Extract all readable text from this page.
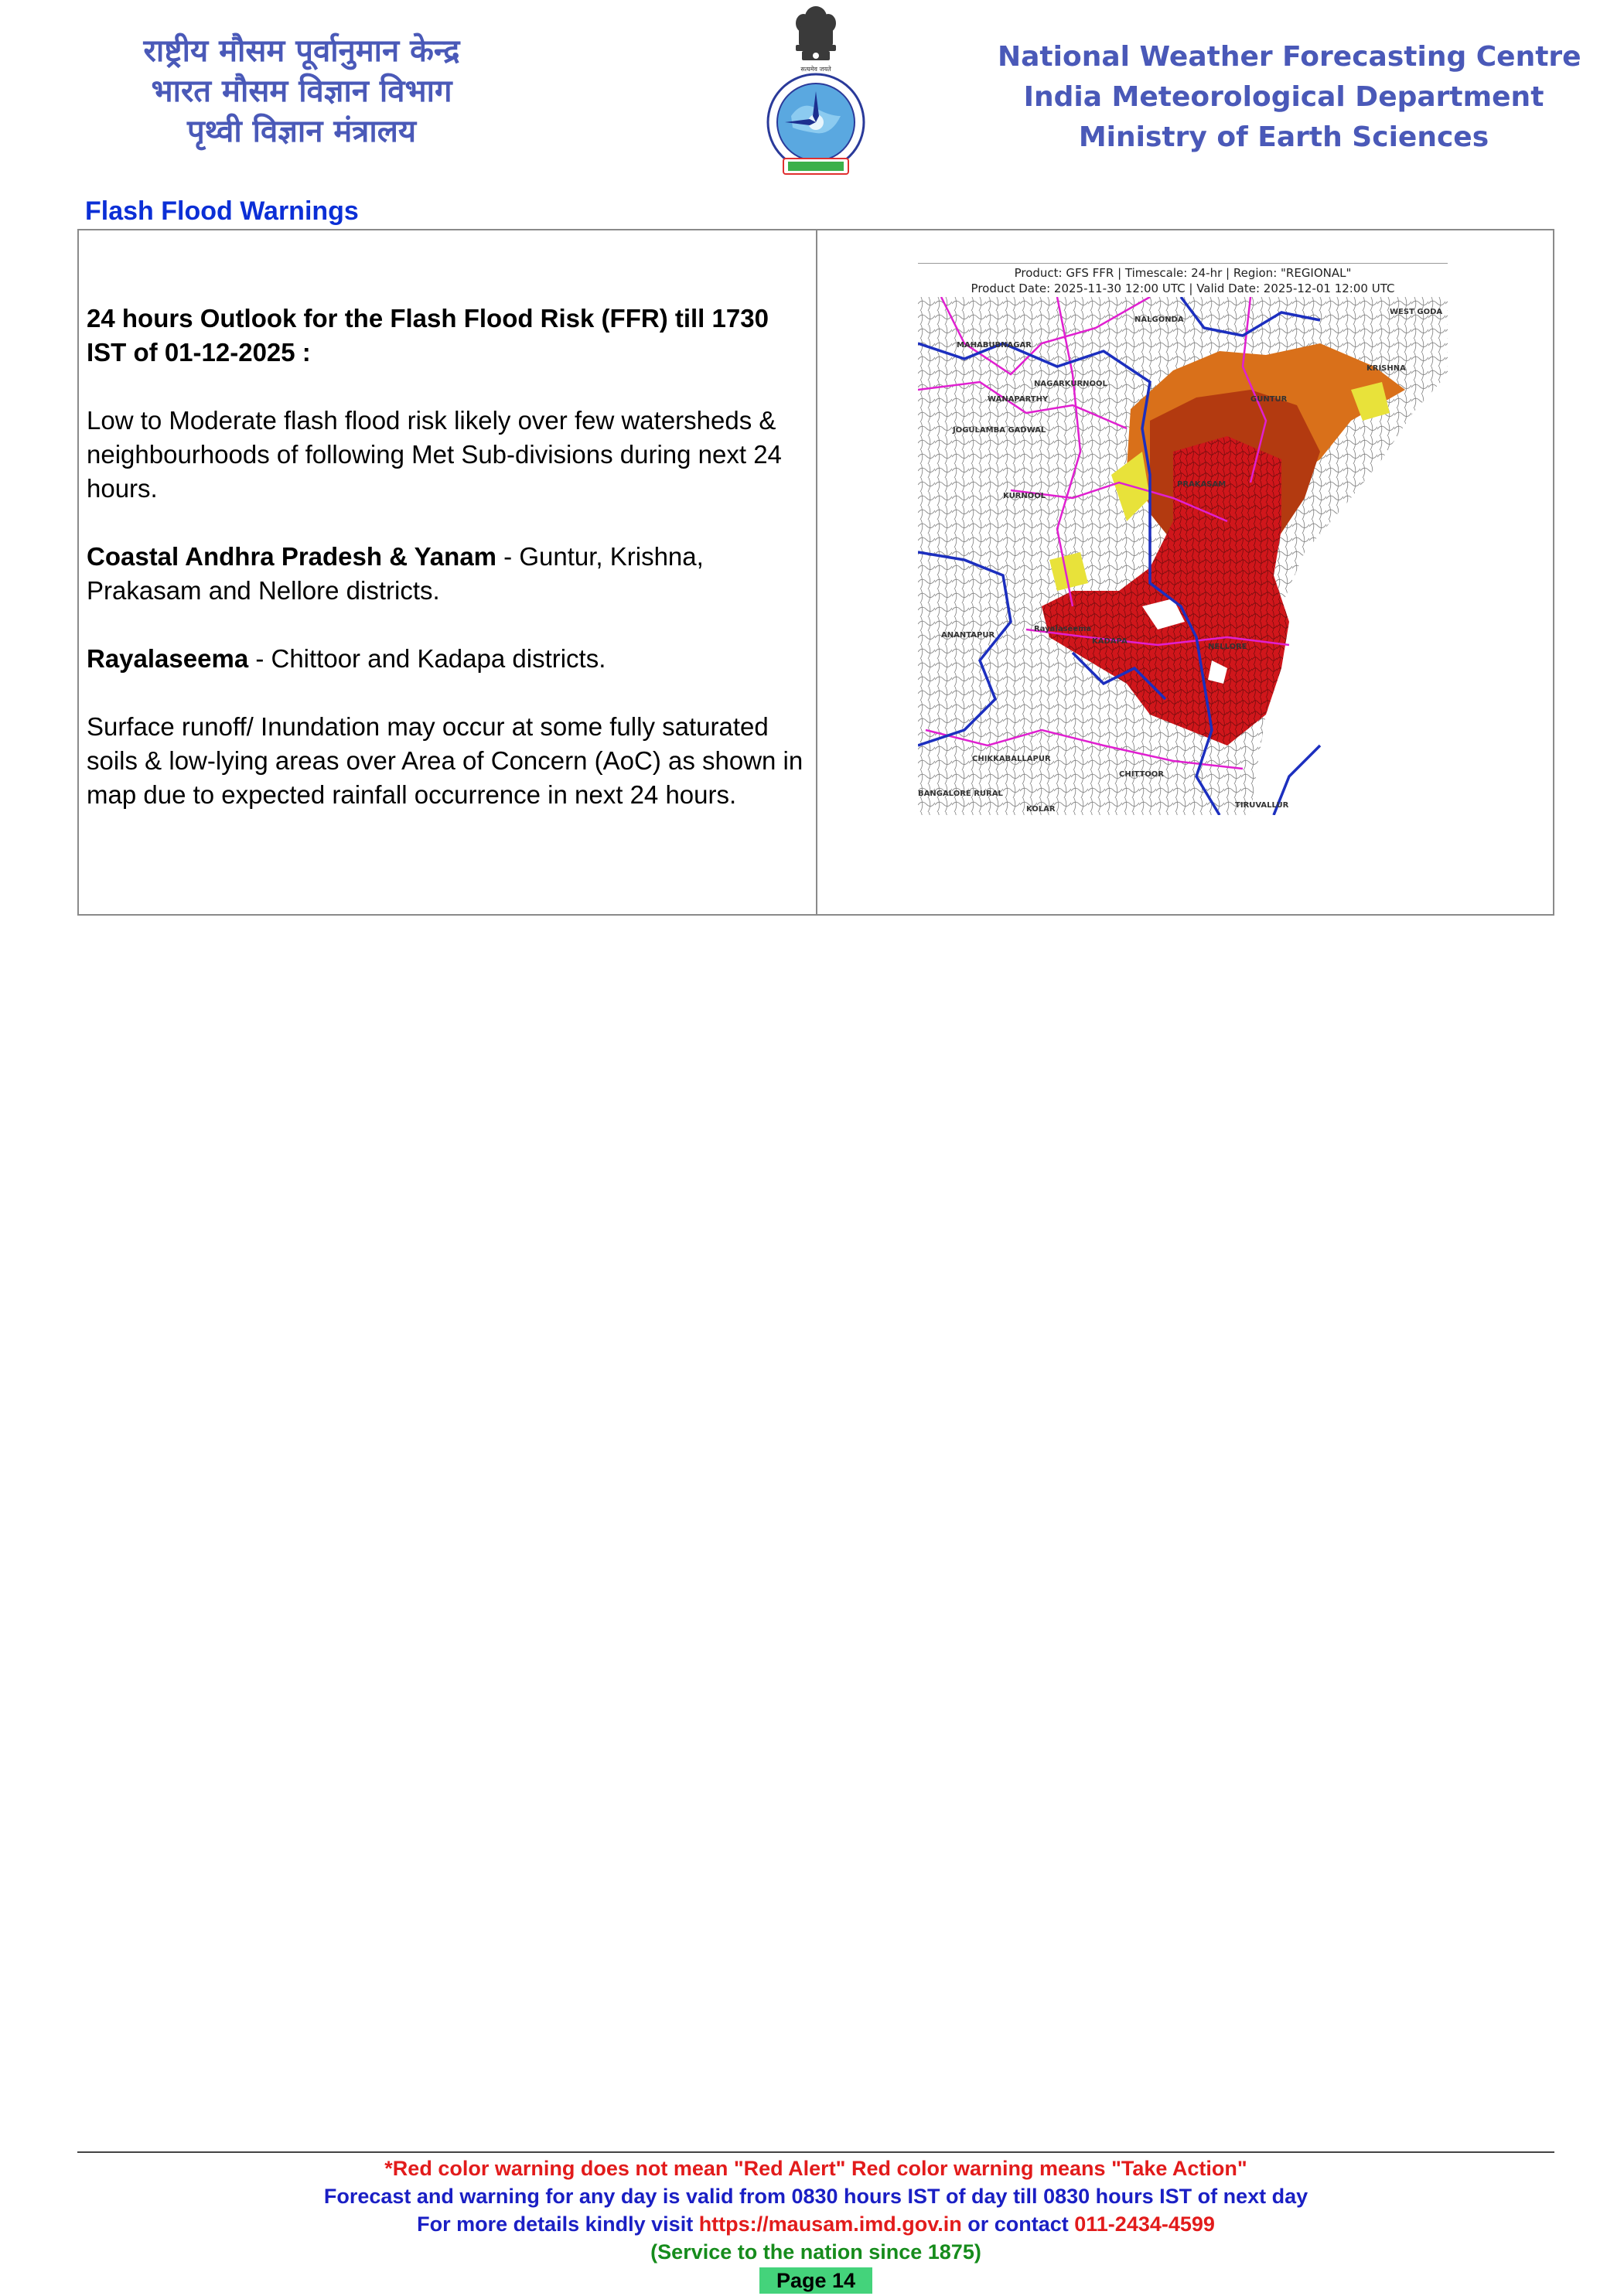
राष्ट्रीय मौसम पूर्वानुमान केन्द्र
भारत मौसम विज्ञान विभाग
पृथ्वी विज्ञान मंत्रालय
सत्यमेव जयते	National Weather Forecasting Centre
India Meteorological Department
Ministry of Earth Sciences
Flash Flood Warnings

24 hours Outlook for the Flash Flood Risk (FFR) till 1730 IST of 01-12-2025 :

Low to Moderate flash flood risk likely over few watersheds & neighbourhoods of following Met Sub-divisions during next 24 hours.

Coastal Andhra Pradesh & Yanam - Guntur, Krishna, Prakasam and Nellore districts.

Rayalaseema - Chittoor and Kadapa districts.

Surface runoff/ Inundation may occur at some fully saturated soils & low-lying areas over Area of Concern (AoC) as shown in map due to expected rainfall occurrence in next 24 hours.

Product: GFS FFR | Timescale: 24-hr | Region: "REGIONAL"
Product Date: 2025-11-30 12:00 UTC | Valid Date: 2025-12-01 12:00 UTC
MAHABUBNAGAR
NALGONDA
WEST GODA
NAGARKURNOOL
WANAPARTHY	GUNTUR
KRISHNA
JOGULAMBA GADWAL
PRAKASAM
KURNOOL
ANANTAPUR
Rayalaseema
KADAPA
NELLORE
CHIKKABALLAPUR
CHITTOOR
BANGALORE RURAL
KOLAR	TIRUVALLUR
*Red color warning does not mean "Red Alert" Red color warning means "Take Action"
Forecast and warning for any day is valid from 0830 hours IST of day till 0830 hours IST of next day
For more details kindly visit https://mausam.imd.gov.in or contact 011-2434-4599
(Service to the nation since 1875)
Page 14
